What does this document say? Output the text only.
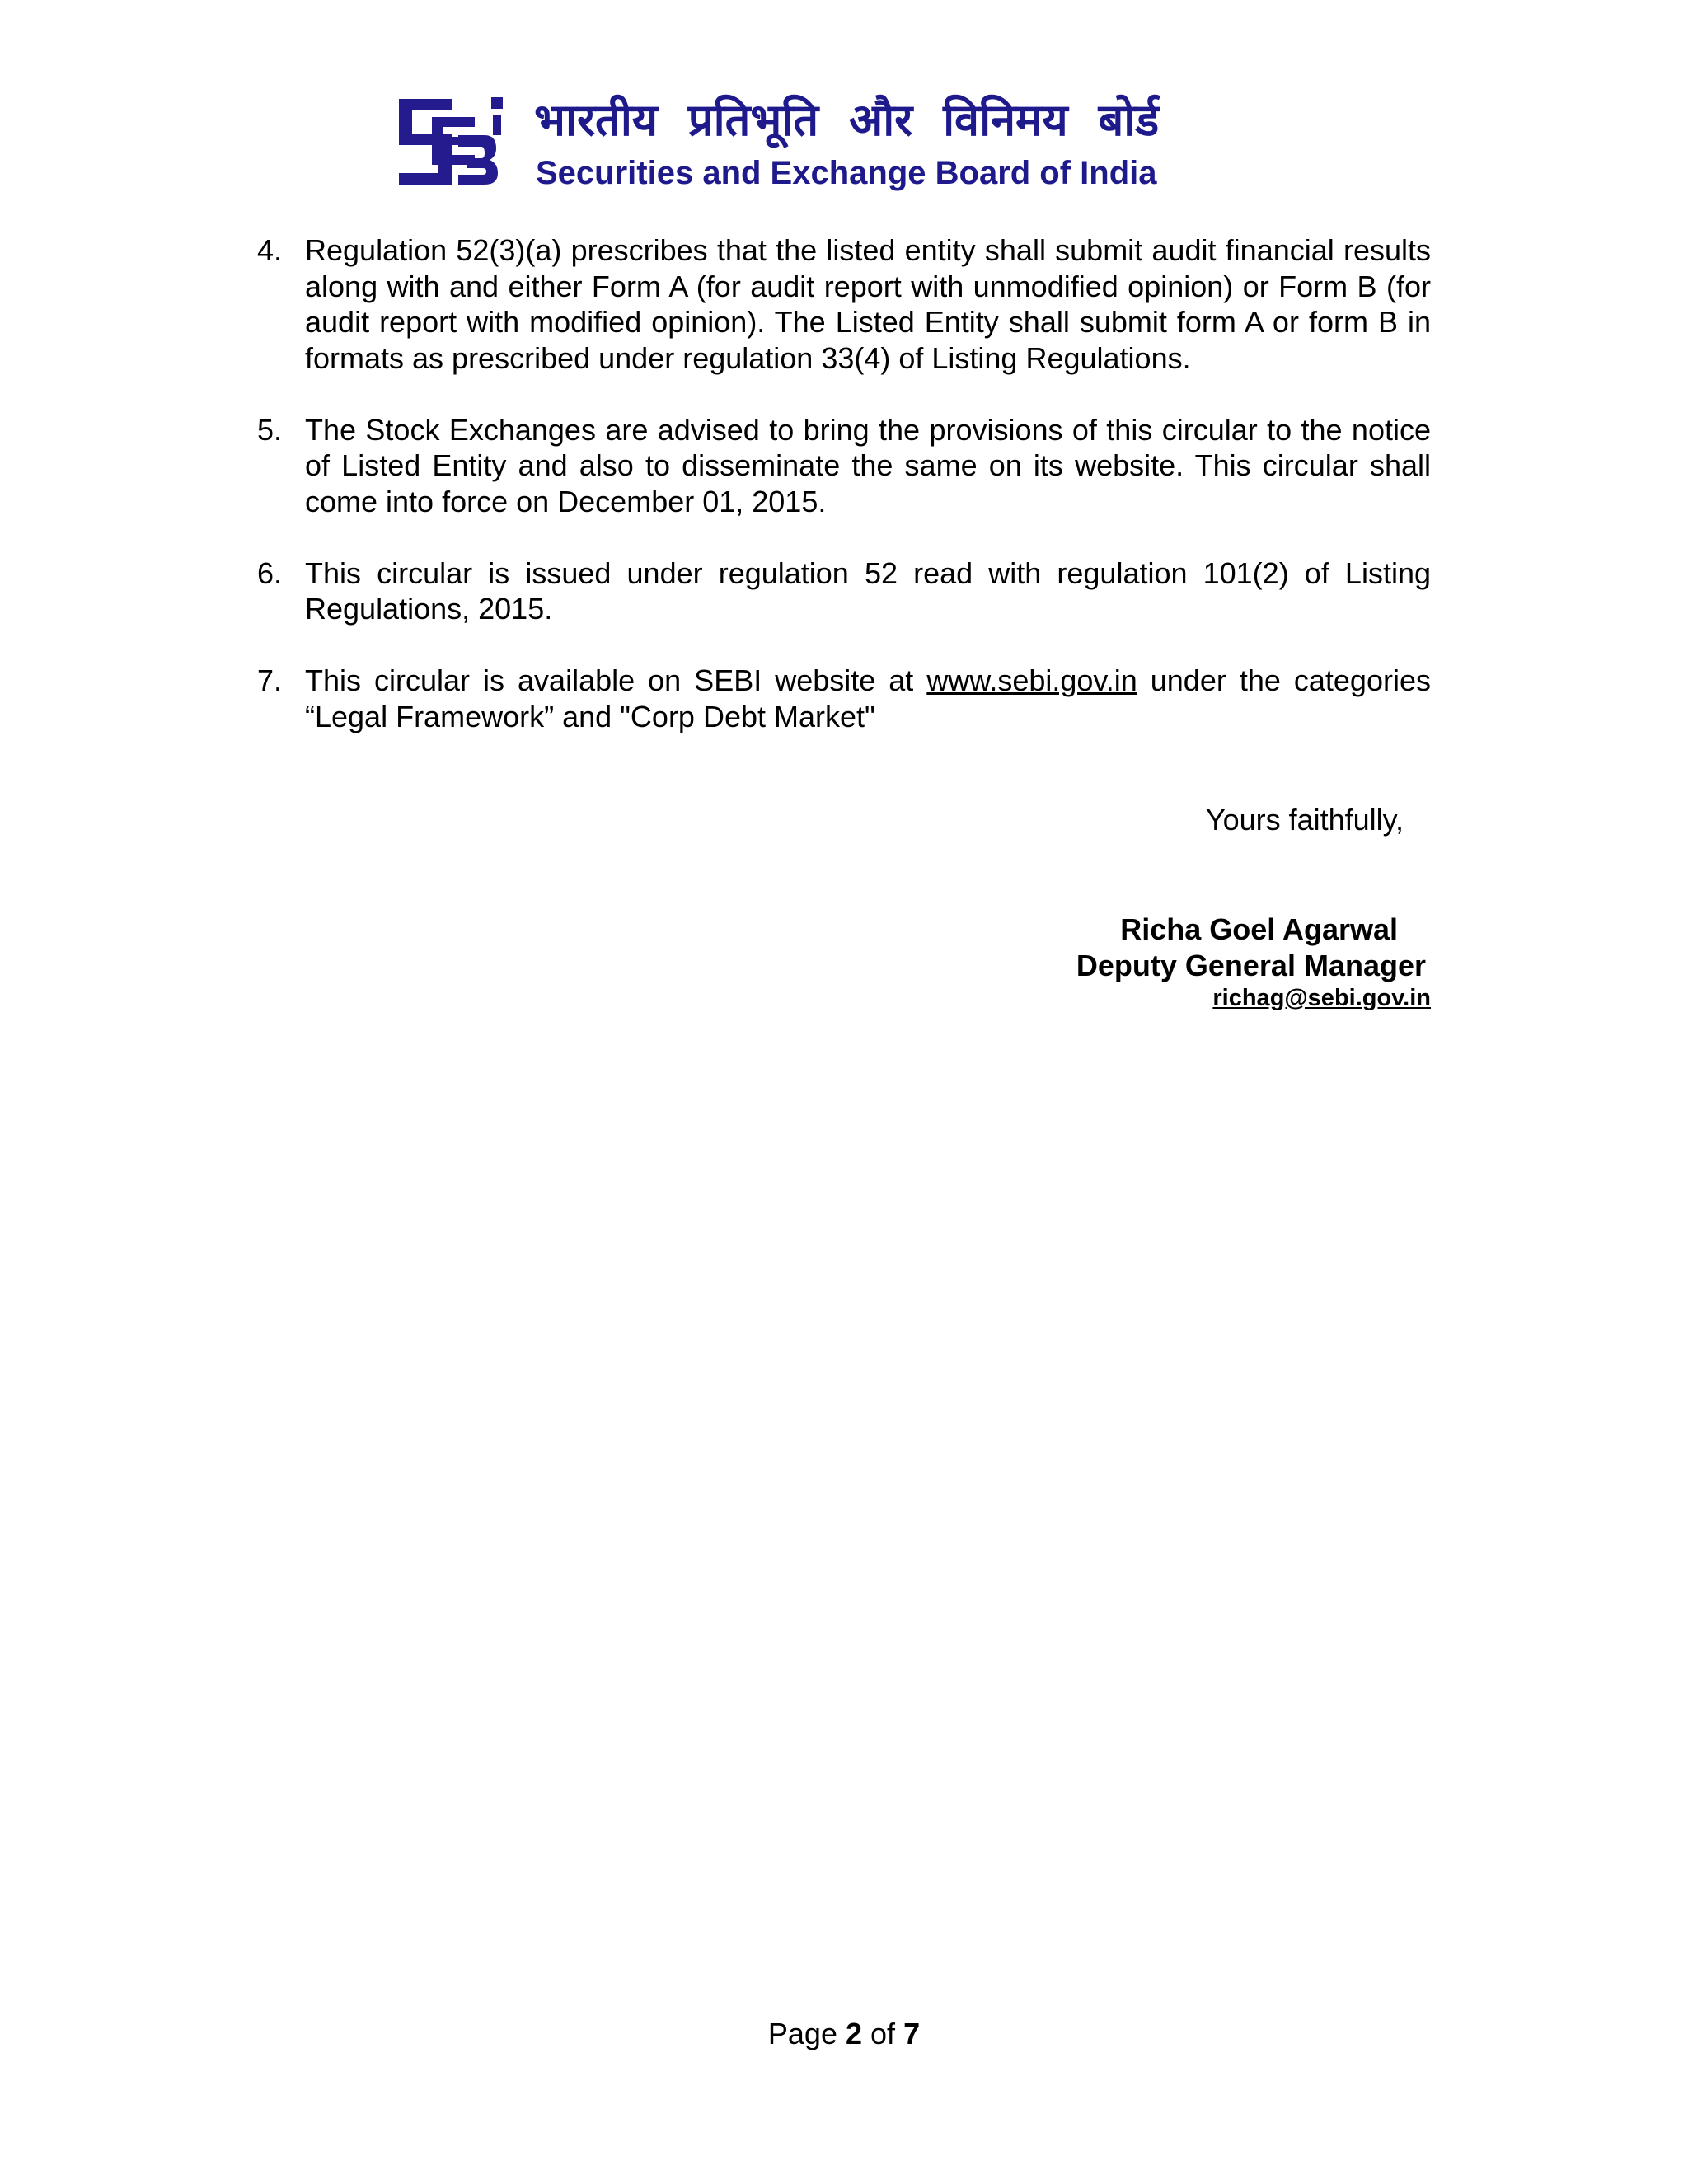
भारतीय प्रतिभूति और विनिमय बोर्ड
Securities and Exchange Board of India
4. Regulation 52(3)(a) prescribes that the listed entity shall submit audit financial results along with and either Form A (for audit report with unmodified opinion) or Form B (for audit report with modified opinion). The Listed Entity shall submit form A or form B in formats as prescribed under regulation 33(4) of Listing Regulations.
5. The Stock Exchanges are advised to bring the provisions of this circular to the notice of Listed Entity and also to disseminate the same on its website. This circular shall come into force on December 01, 2015.
6. This circular is issued under regulation 52 read with regulation 101(2) of Listing Regulations, 2015.
7. This circular is available on SEBI website at www.sebi.gov.in under the categories “Legal Framework” and "Corp Debt Market"
Yours faithfully,
Richa Goel Agarwal
Deputy General Manager
richag@sebi.gov.in
Page 2 of 7
